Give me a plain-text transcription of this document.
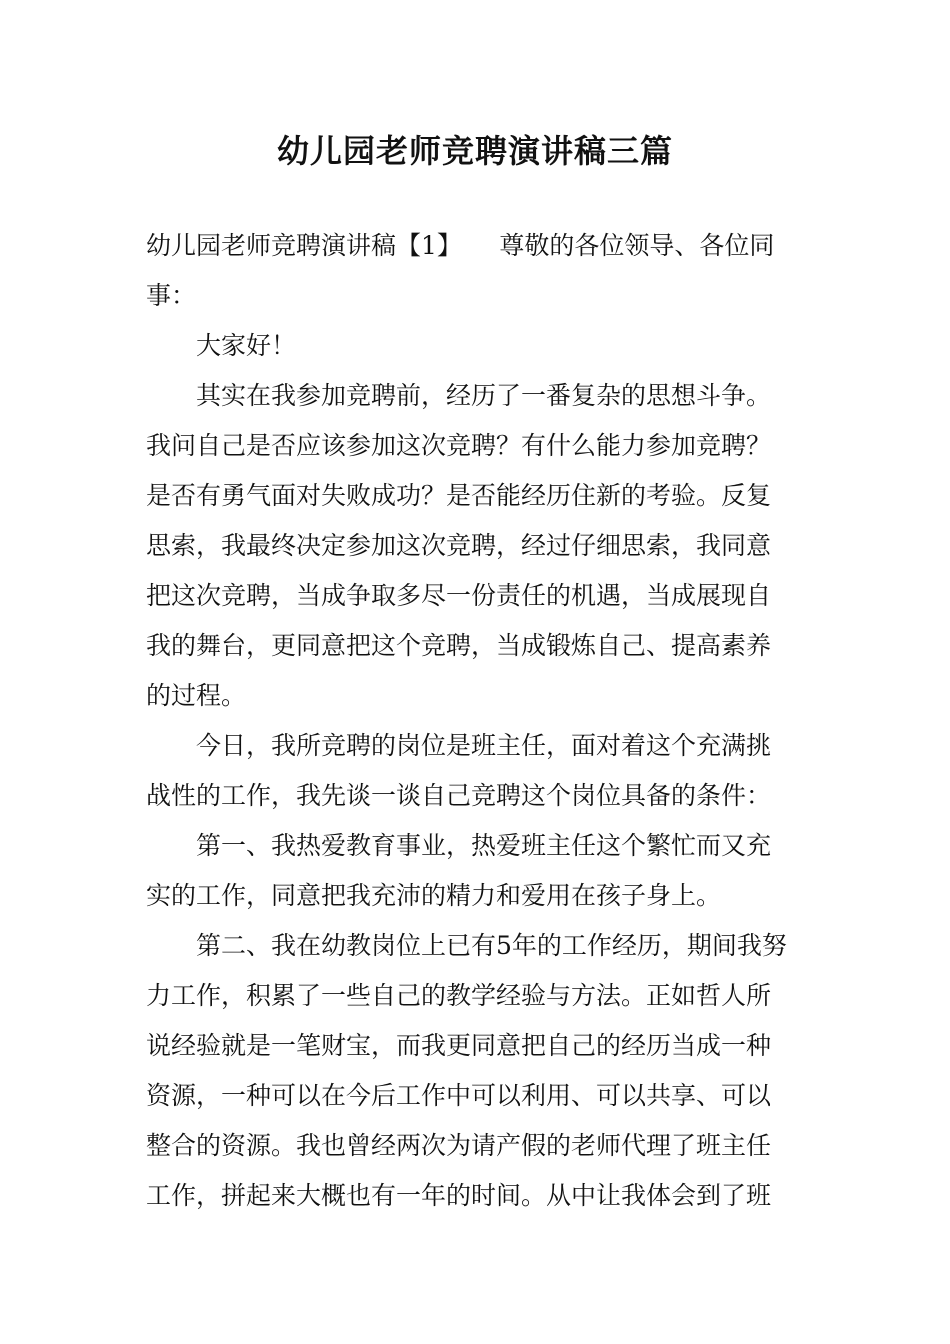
幼儿园老师竞聘演讲稿三篇
幼儿园老师竞聘演讲稿【1】　　尊敬的各位领导、各位同
事：
大家好！
其实在我参加竞聘前，经历了一番复杂的思想斗争。
我问自己是否应该参加这次竞聘？有什么能力参加竞聘？
是否有勇气面对失败成功？是否能经历住新的考验。反复
思索，我最终决定参加这次竞聘，经过仔细思索，我同意
把这次竞聘，当成争取多尽一份责任的机遇，当成展现自
我的舞台，更同意把这个竞聘，当成锻炼自己、提高素养
的过程。
今日，我所竞聘的岗位是班主任，面对着这个充满挑
战性的工作，我先谈一谈自己竞聘这个岗位具备的条件：
第一、我热爱教育事业，热爱班主任这个繁忙而又充
实的工作，同意把我充沛的精力和爱用在孩子身上。
第二、我在幼教岗位上已有5年的工作经历，期间我努
力工作，积累了一些自己的教学经验与方法。正如哲人所
说经验就是一笔财宝，而我更同意把自己的经历当成一种
资源，一种可以在今后工作中可以利用、可以共享、可以
整合的资源。我也曾经两次为请产假的老师代理了班主任
工作，拼起来大概也有一年的时间。从中让我体会到了班
